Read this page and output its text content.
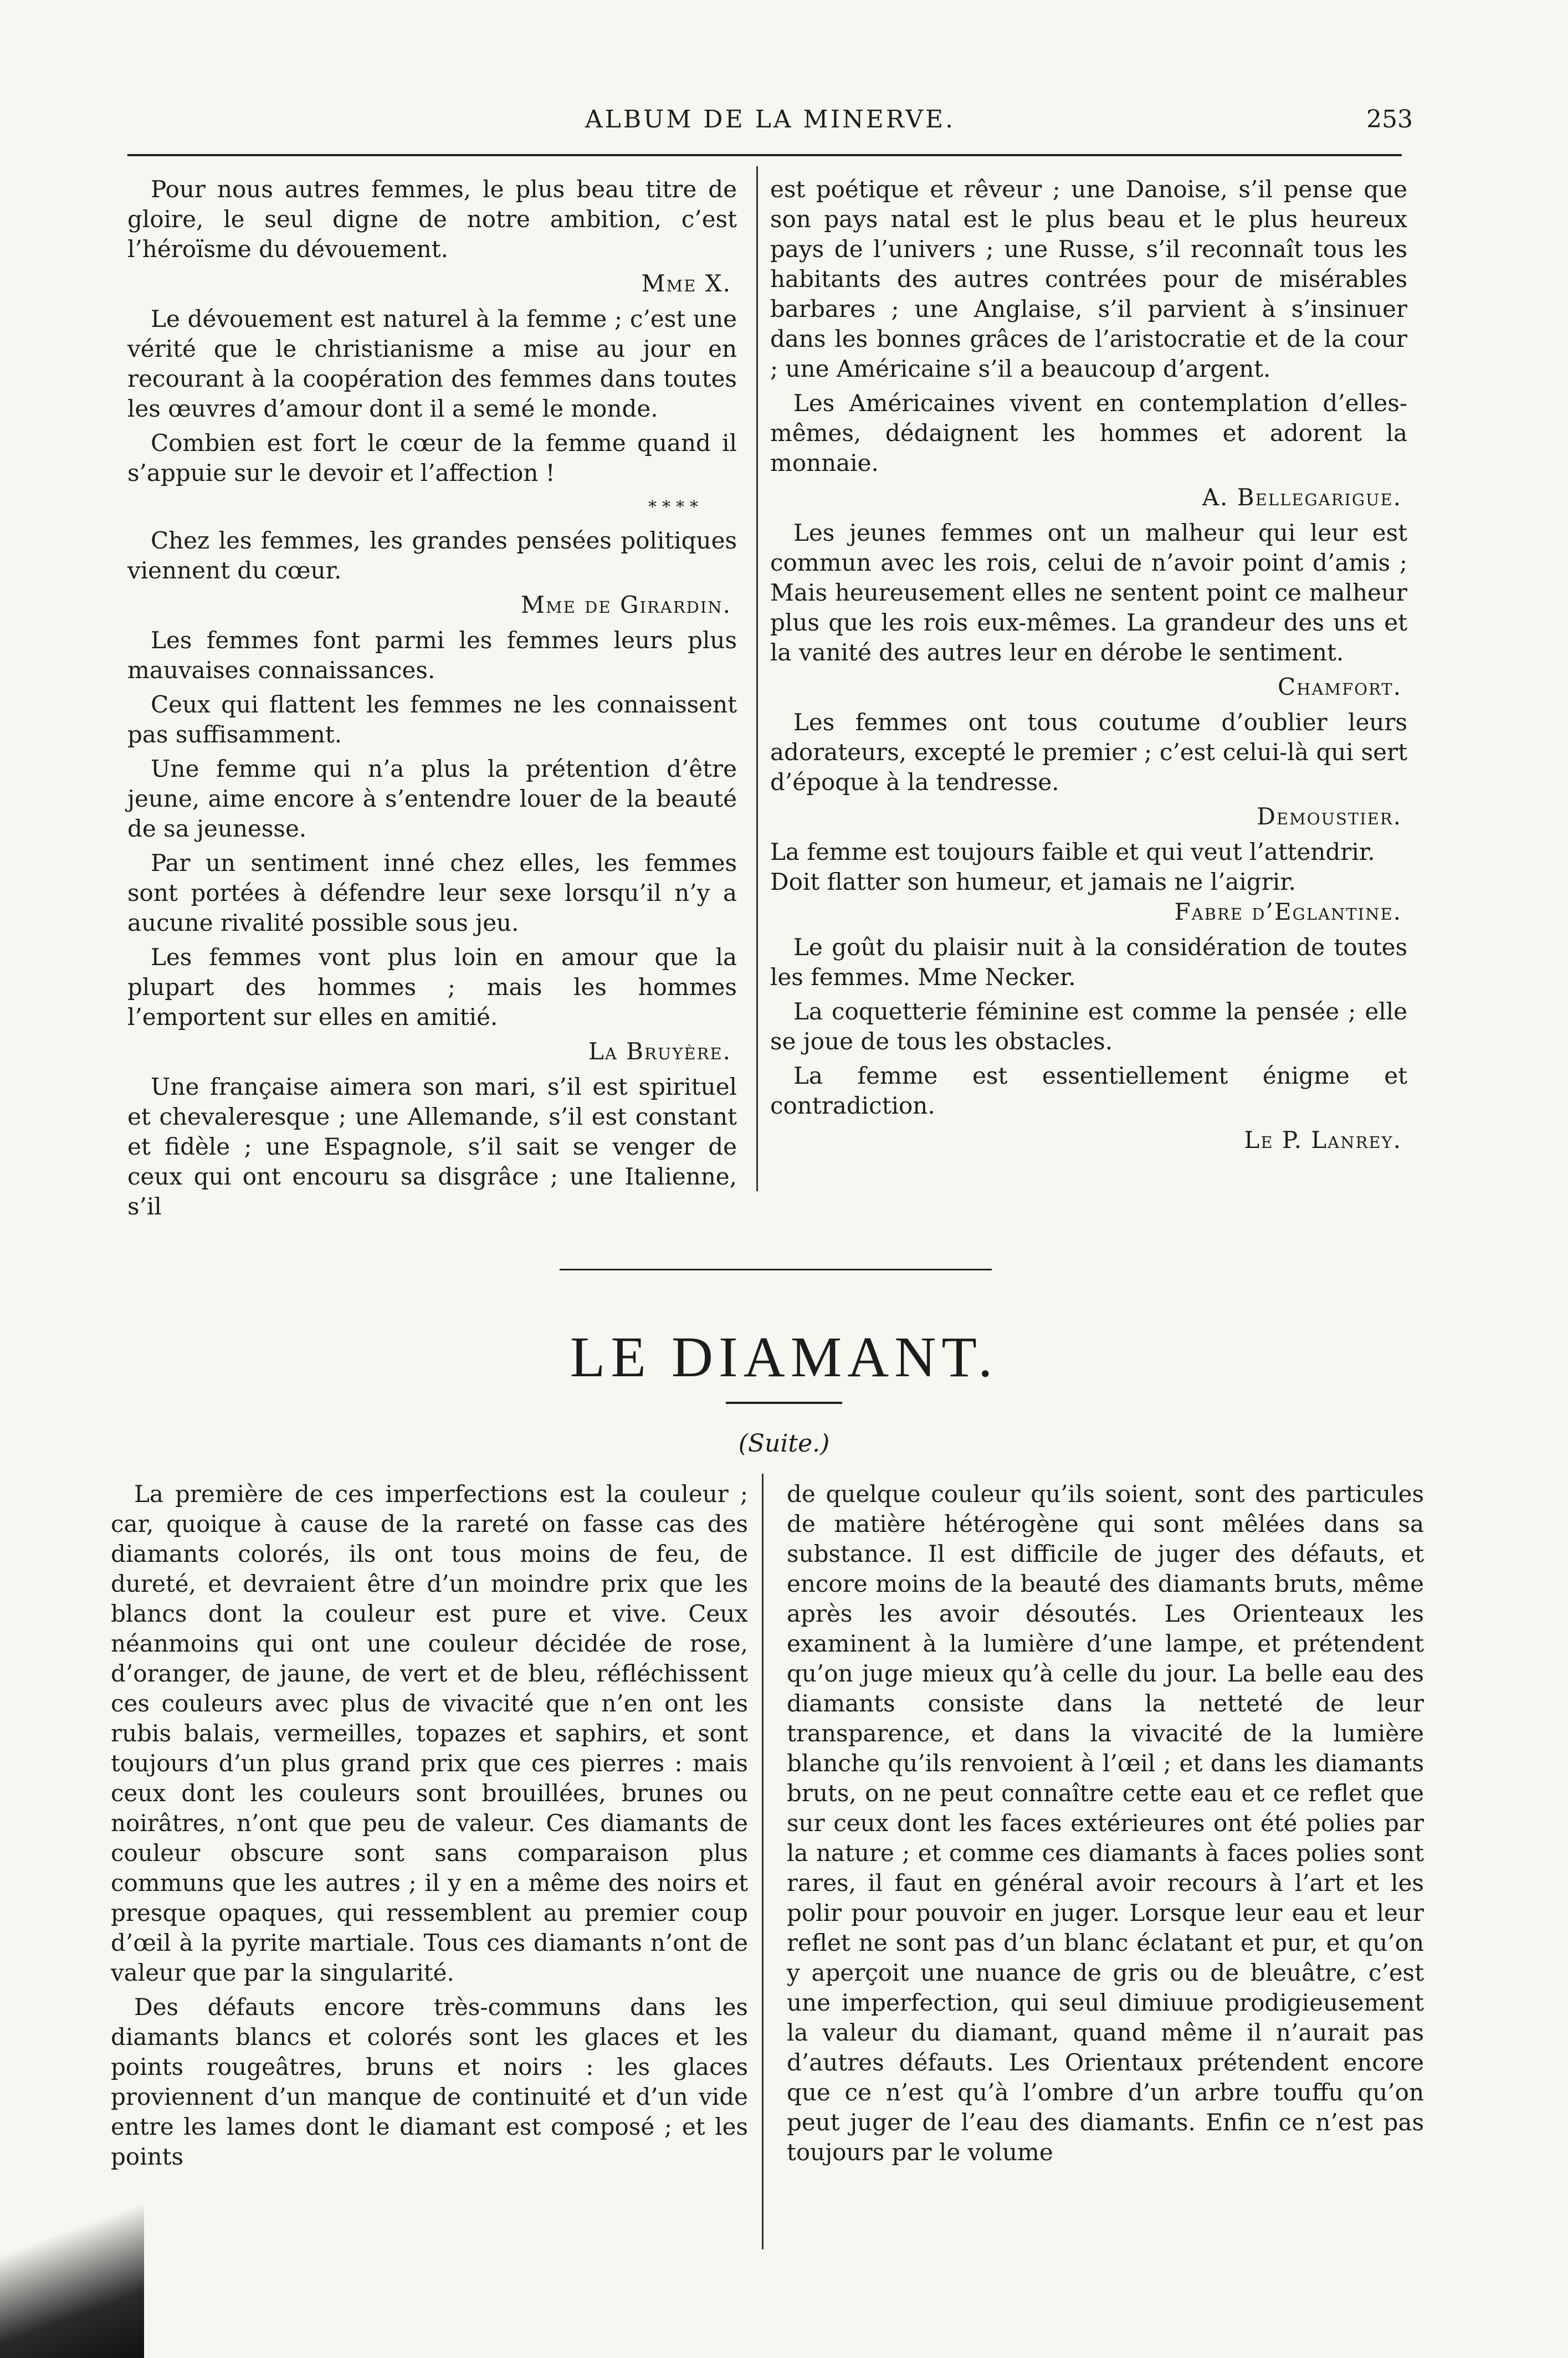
ALBUM DE LA MINERVE.	253

Pour nous autres femmes, le plus beau titre de gloire, le seul digne de notre ambition, c’est l’héroïsme du dévouement.

Mme X.

Le dévouement est naturel à la femme ; c’est une vérité que le christianisme a mise au jour en recourant à la coopération des femmes dans toutes les œuvres d’amour dont il a semé le monde.

Combien est fort le cœur de la femme quand il s’appuie sur le devoir et l’affection !

****

Chez les femmes, les grandes pensées politiques viennent du cœur.

Mme de Girardin.

Les femmes font parmi les femmes leurs plus mauvaises connaissances.

Ceux qui flattent les femmes ne les connaissent pas suffisamment.

Une femme qui n’a plus la prétention d’être jeune, aime encore à s’entendre louer de la beauté de sa jeunesse.

Par un sentiment inné chez elles, les femmes sont portées à défendre leur sexe lorsqu’il n’y a aucune rivalité possible sous jeu.

Les femmes vont plus loin en amour que la plupart des hommes ; mais les hommes l’emportent sur elles en amitié.

La Bruyère.

Une française aimera son mari, s’il est spirituel et chevaleresque ; une Allemande, s’il est constant et fidèle ; une Espagnole, s’il sait se venger de ceux qui ont encouru sa disgrâce ; une Italienne, s’il

est poétique et rêveur ; une Danoise, s’il pense que son pays natal est le plus beau et le plus heureux pays de l’univers ; une Russe, s’il reconnaît tous les habitants des autres contrées pour de misérables barbares ; une Anglaise, s’il parvient à s’insinuer dans les bonnes grâces de l’aristocratie et de la cour ; une Américaine s’il a beaucoup d’argent.

Les Américaines vivent en contemplation d’elles-mêmes, dédaignent les hommes et adorent la monnaie.

A. Bellegarigue.

Les jeunes femmes ont un malheur qui leur est commun avec les rois, celui de n’avoir point d’amis ; Mais heureusement elles ne sentent point ce malheur plus que les rois eux-mêmes. La grandeur des uns et la vanité des autres leur en dérobe le sentiment.

Chamfort.

Les femmes ont tous coutume d’oublier leurs adorateurs, excepté le premier ; c’est celui-là qui sert d’époque à la tendresse.

Demoustier.

La femme est toujours faible et qui veut l’attendrir.

Doit flatter son humeur, et jamais ne l’aigrir.

Fabre d’Eglantine.

Le goût du plaisir nuit à la considération de toutes les femmes. Mme Necker.

La coquetterie féminine est comme la pensée ; elle se joue de tous les obstacles.

La femme est essentiellement énigme et contradiction.

Le P. Lanrey.

LE DIAMANT.
(Suite.)

La première de ces imperfections est la couleur ; car, quoique à cause de la rareté on fasse cas des diamants colorés, ils ont tous moins de feu, de dureté, et devraient être d’un moindre prix que les blancs dont la couleur est pure et vive. Ceux néanmoins qui ont une couleur décidée de rose, d’oranger, de jaune, de vert et de bleu, réfléchissent ces couleurs avec plus de vivacité que n’en ont les rubis balais, vermeilles, topazes et saphirs, et sont toujours d’un plus grand prix que ces pierres : mais ceux dont les couleurs sont brouillées, brunes ou noirâtres, n’ont que peu de valeur. Ces diamants de couleur obscure sont sans comparaison plus communs que les autres ; il y en a même des noirs et presque opaques, qui ressemblent au premier coup d’œil à la pyrite martiale. Tous ces diamants n’ont de valeur que par la singularité.

Des défauts encore très-communs dans les diamants blancs et colorés sont les glaces et les points rougeâtres, bruns et noirs : les glaces proviennent d’un manque de continuité et d’un vide entre les lames dont le diamant est composé ; et les points

de quelque couleur qu’ils soient, sont des particules de matière hétérogène qui sont mêlées dans sa substance. Il est difficile de juger des défauts, et encore moins de la beauté des diamants bruts, même après les avoir désoutés. Les Orienteaux les examinent à la lumière d’une lampe, et prétendent qu’on juge mieux qu’à celle du jour. La belle eau des diamants consiste dans la netteté de leur transparence, et dans la vivacité de la lumière blanche qu’ils renvoient à l’œil ; et dans les diamants bruts, on ne peut connaître cette eau et ce reflet que sur ceux dont les faces extérieures ont été polies par la nature ; et comme ces diamants à faces polies sont rares, il faut en général avoir recours à l’art et les polir pour pouvoir en juger. Lorsque leur eau et leur reflet ne sont pas d’un blanc éclatant et pur, et qu’on y aperçoit une nuance de gris ou de bleuâtre, c’est une imperfection, qui seul dimiuue prodigieusement la valeur du diamant, quand même il n’aurait pas d’autres défauts. Les Orientaux prétendent encore que ce n’est qu’à l’ombre d’un arbre touffu qu’on peut juger de l’eau des diamants. Enfin ce n’est pas toujours par le volume
